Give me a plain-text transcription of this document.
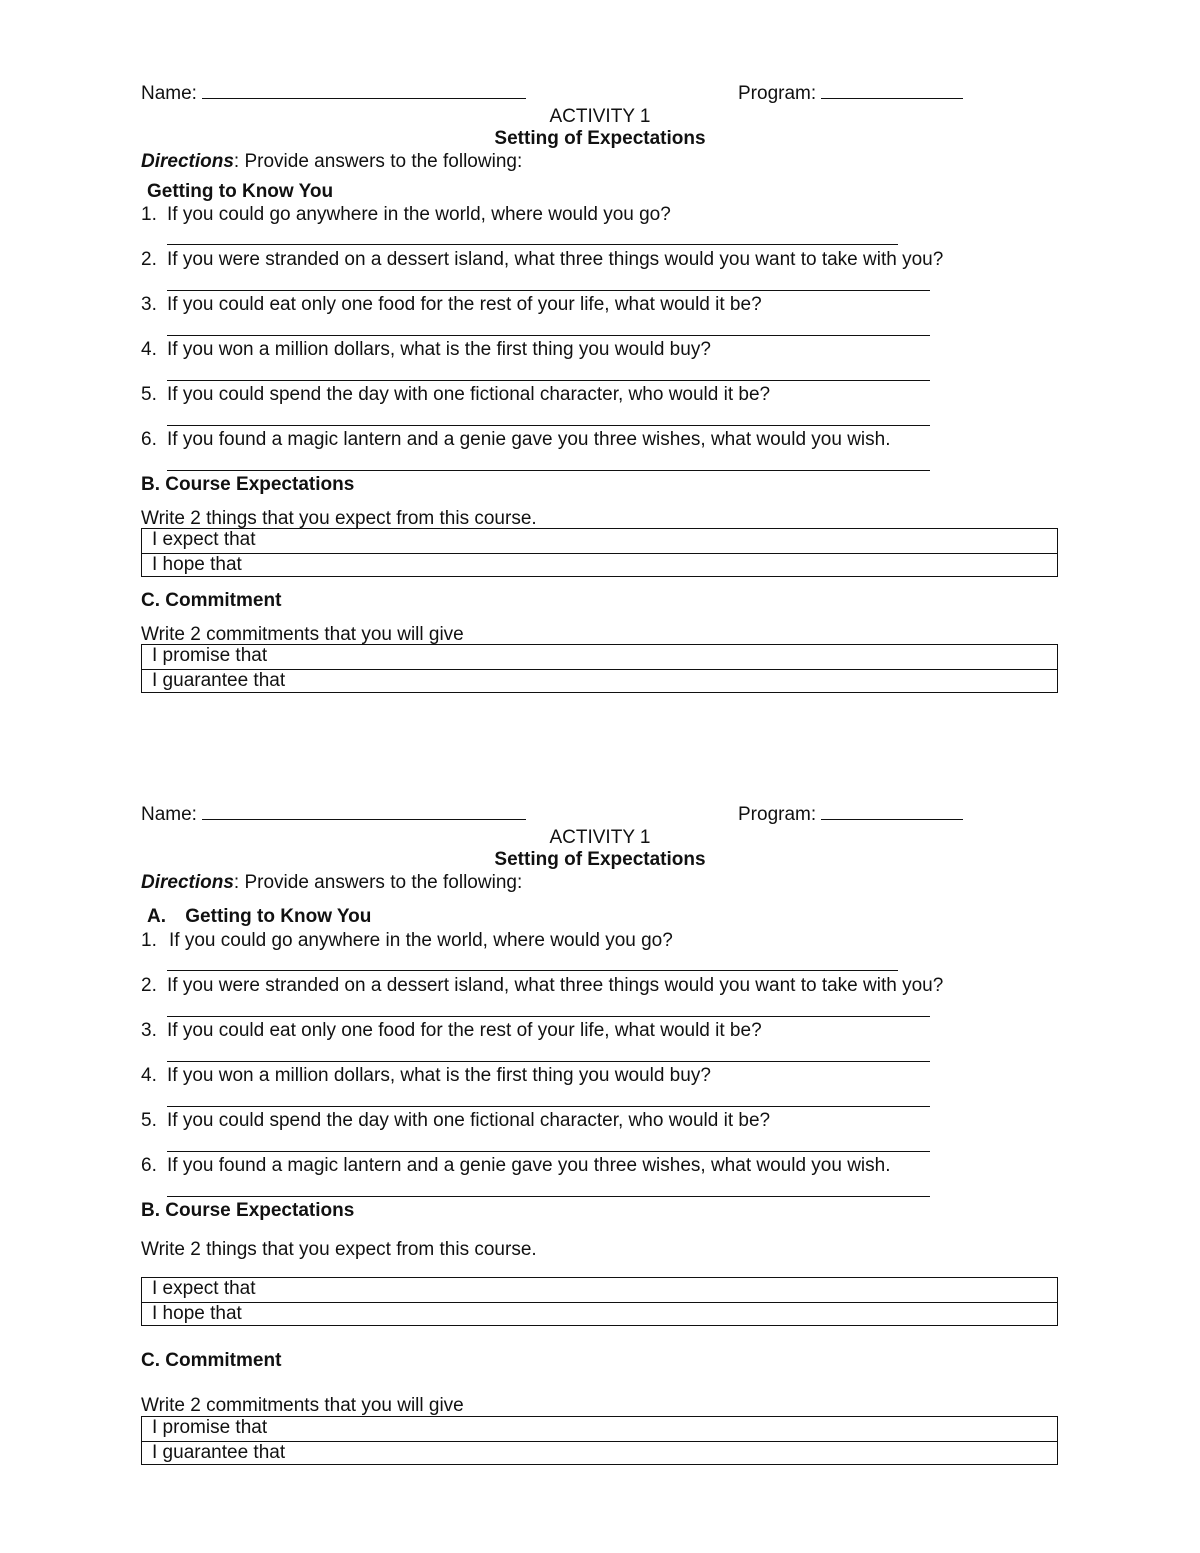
Name:	Program:
ACTIVITY 1
Setting of Expectations
Directions: Provide answers to the following:
Getting to Know You
1. If you could go anywhere in the world, where would you go?
2. If you were stranded on a dessert island, what three things would you want to take with you?
3. If you could eat only one food for the rest of your life, what would it be?
4. If you won a million dollars, what is the first thing you would buy?
5. If you could spend the day with one fictional character, who would it be?
6. If you found a magic lantern and a genie gave you three wishes, what would you wish.
B. Course Expectations
Write 2 things that you expect from this course.
I expect that
I hope that
C. Commitment
Write 2 commitments that you will give
I promise that
I guarantee that
Name:	Program:
ACTIVITY 1
Setting of Expectations
Directions: Provide answers to the following:
A. Getting to Know You
1. If you could go anywhere in the world, where would you go?
2. If you were stranded on a dessert island, what three things would you want to take with you?
3. If you could eat only one food for the rest of your life, what would it be?
4. If you won a million dollars, what is the first thing you would buy?
5. If you could spend the day with one fictional character, who would it be?
6. If you found a magic lantern and a genie gave you three wishes, what would you wish.
B. Course Expectations
Write 2 things that you expect from this course.
I expect that
I hope that
C. Commitment
Write 2 commitments that you will give
I promise that
I guarantee that
